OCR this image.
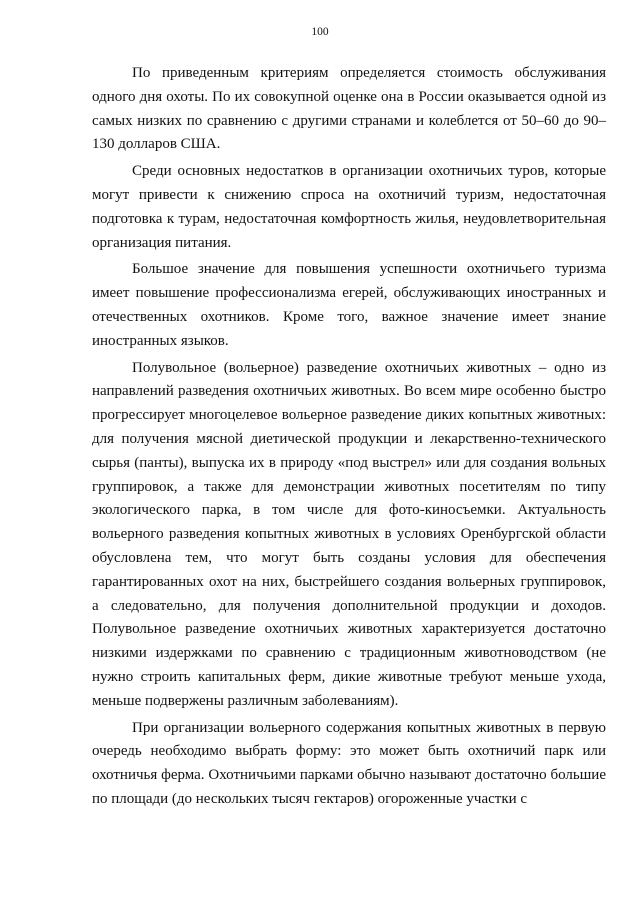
100

По приведенным критериям определяется стоимость обслуживания одного дня охоты. По их совокупной оценке она в России оказывается одной из самых низких по сравнению с другими странами и колеблется от 50–60 до 90–130 долларов США.

Среди основных недостатков в организации охотничьих туров, которые могут привести к снижению спроса на охотничий туризм, недостаточная подготовка к турам, недостаточная комфортность жилья, неудовлетворительная организация питания.

Большое значение для повышения успешности охотничьего туризма имеет повышение профессионализма егерей, обслуживающих иностранных и отечественных охотников. Кроме того, важное значение имеет знание иностранных языков.

Полувольное (вольерное) разведение охотничьих животных – одно из направлений разведения охотничьих животных. Во всем мире особенно быстро прогрессирует многоцелевое вольерное разведение диких копытных животных: для получения мясной диетической продукции и лекарственно-технического сырья (панты), выпуска их в природу «под выстрел» или для создания вольных группировок, а также для демонстрации животных посетителям по типу экологического парка, в том числе для фото-киносъемки. Актуальность вольерного разведения копытных животных в условиях Оренбургской области обусловлена тем, что могут быть созданы условия для обеспечения гарантированных охот на них, быстрейшего создания вольерных группировок, а следовательно, для получения дополнительной продукции и доходов. Полувольное разведение охотничьих животных характеризуется достаточно низкими издержками по сравнению с традиционным животноводством (не нужно строить капитальных ферм, дикие животные требуют меньше ухода, меньше подвержены различным заболеваниям).

При организации вольерного содержания копытных животных в первую очередь необходимо выбрать форму: это может быть охотничий парк или охотничья ферма. Охотничьими парками обычно называют достаточно большие по площади (до нескольких тысяч гектаров) огороженные участки с
